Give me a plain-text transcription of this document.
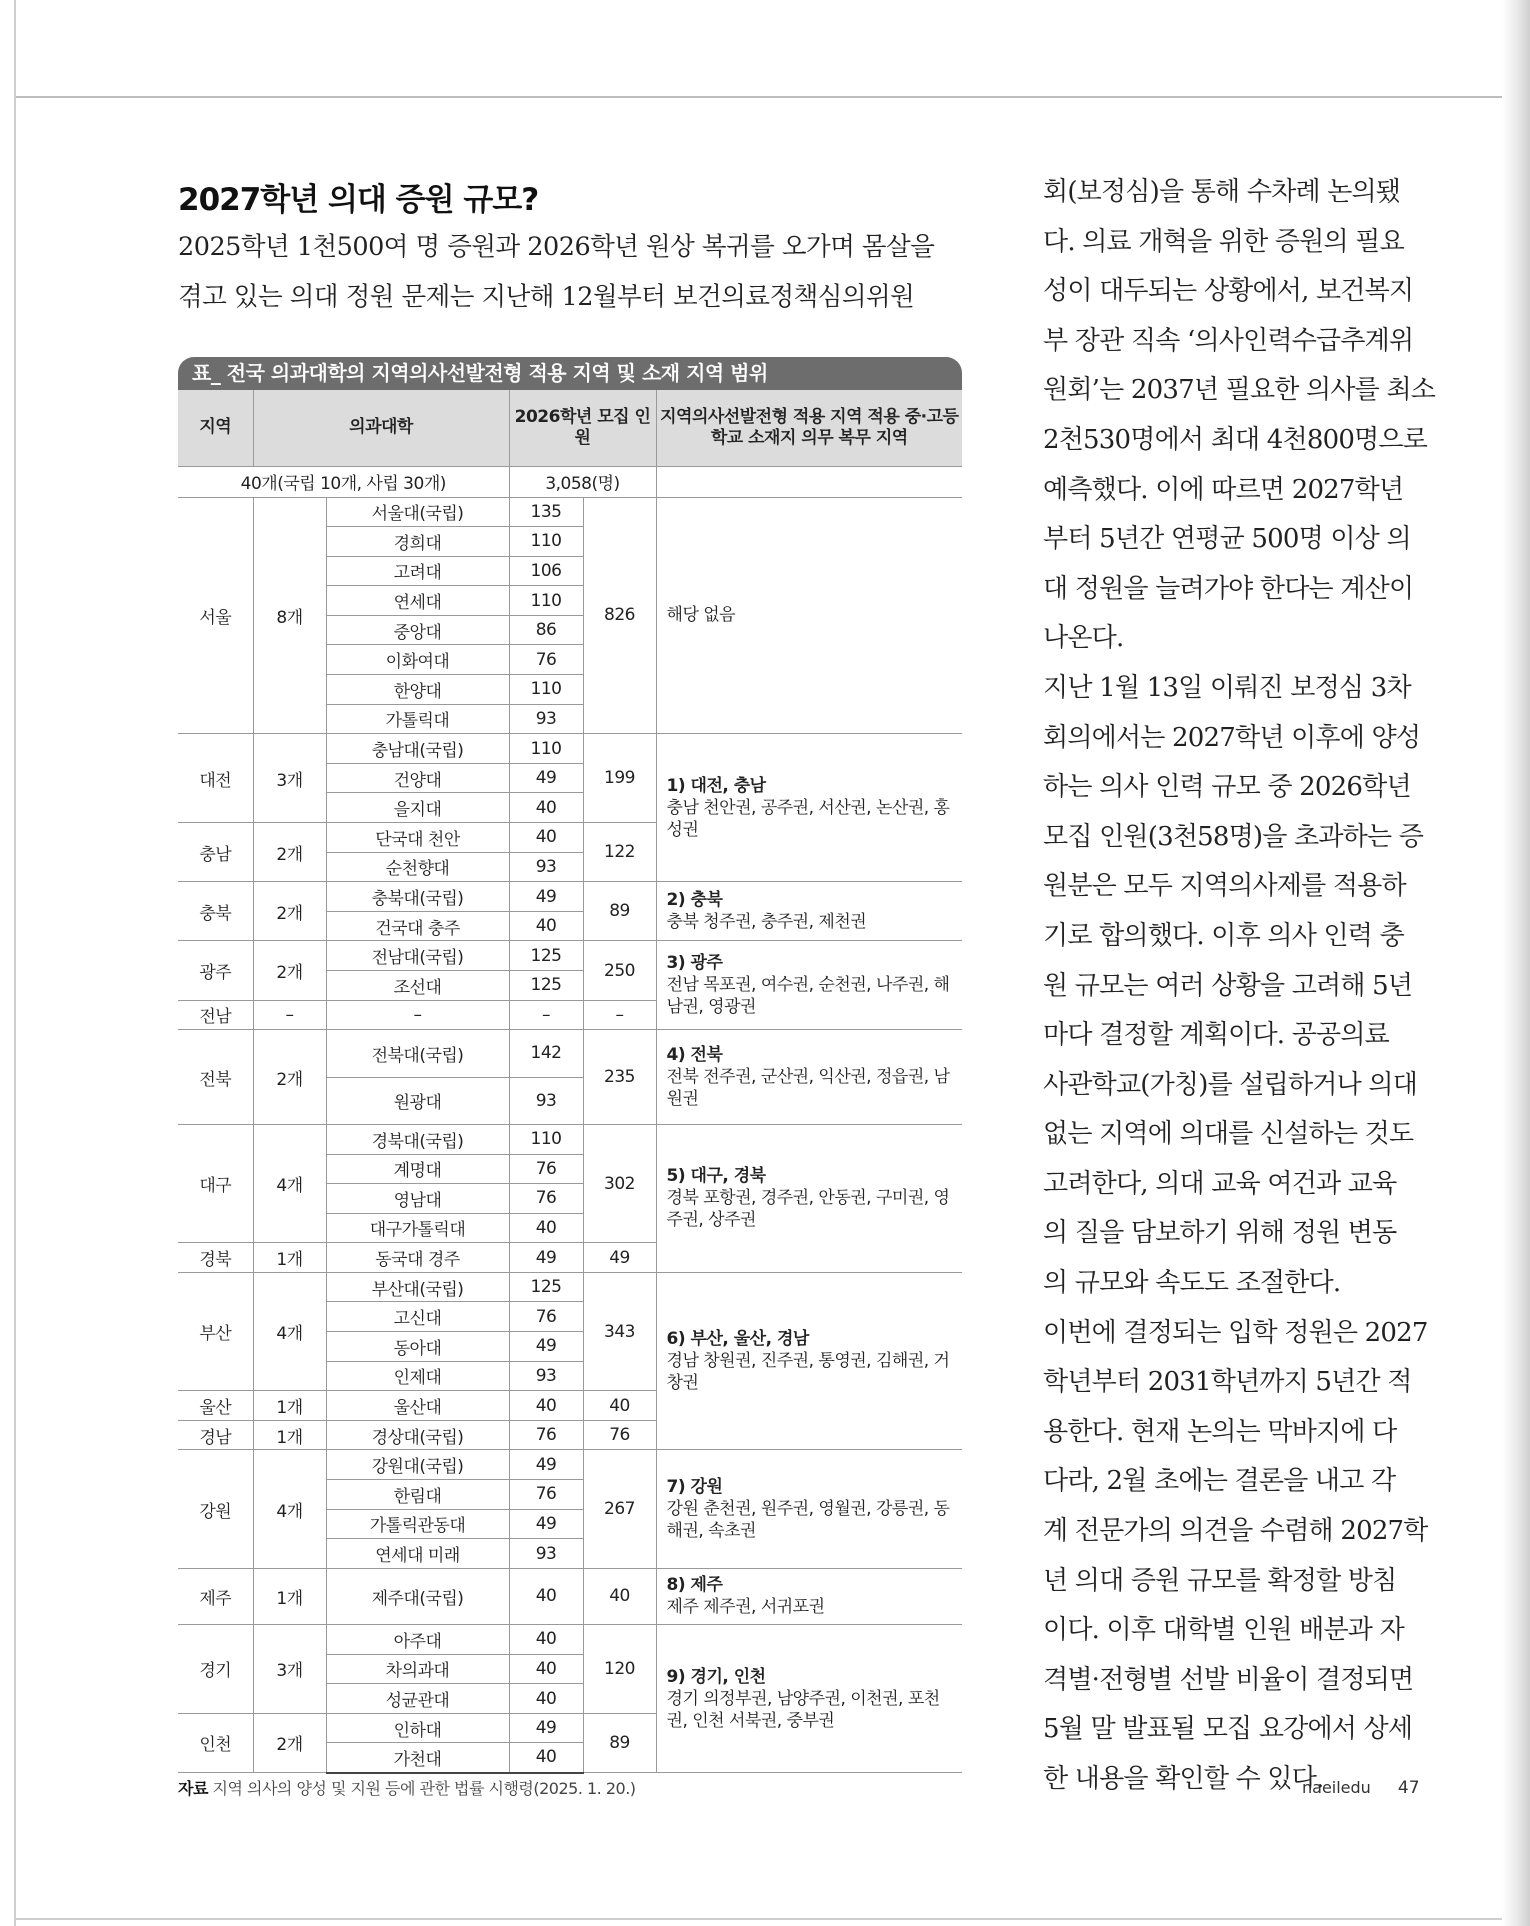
2027학년 의대 증원 규모?
2025학년 1천500여 명 증원과 2026학년 원상 복귀를 오가며 몸살을
겪고 있는 의대 정원 문제는 지난해 12월부터 보건의료정책심의위원
표_ 전국 의과대학의 지역의사선발전형 적용 지역 및 소재 지역 범위
지역	의과대학		2026학년 모집 인원		지역의사선발전형 적용 지역 적용 중·고등학교 소재지 의무 복무 지역
40개(국립 10개, 사립 30개)			3,058(명)		
서울	8개	서울대(국립)	135	826	해당 없음
		경희대	110		
		고려대	106		
		연세대	110		
		중앙대	86		
		이화여대	76		
		한양대	110		
		가톨릭대	93		
대전	3개	충남대(국립)	110	199	1) 대전, 충남
충남 천안권, 공주권, 서산권, 논산권, 홍성권
		건양대	49		
		을지대	40		
충남	2개	단국대 천안	40	122	
		순천향대	93		
충북	2개	충북대(국립)	49	89	2) 충북
충북 청주권, 충주권, 제천권
		건국대 충주	40		
광주	2개	전남대(국립)	125	250	3) 광주
전남 목포권, 여수권, 순천권, 나주권, 해남권, 영광권
		조선대	125		
전남	–	–	–	–	
전북	2개	전북대(국립)	142	235	4) 전북
전북 전주권, 군산권, 익산권, 정읍권, 남원권
		원광대	93		
대구	4개	경북대(국립)	110	302	5) 대구, 경북
경북 포항권, 경주권, 안동권, 구미권, 영주권, 상주권
		계명대	76		
		영남대	76		
		대구가톨릭대	40		
경북	1개	동국대 경주	49	49	
부산	4개	부산대(국립)	125	343	6) 부산, 울산, 경남
경남 창원권, 진주권, 통영권, 김해권, 거창권
		고신대	76		
		동아대	49		
		인제대	93		
울산	1개	울산대	40	40	
경남	1개	경상대(국립)	76	76	
강원	4개	강원대(국립)	49	267	7) 강원
강원 춘천권, 원주권, 영월권, 강릉권, 동해권, 속초권
		한림대	76		
		가톨릭관동대	49		
		연세대 미래	93		
제주	1개	제주대(국립)	40	40	8) 제주
제주 제주권, 서귀포권
경기	3개	아주대	40	120	9) 경기, 인천
경기 의정부권, 남양주권, 이천권, 포천권, 인천 서북권, 중부권
		차의과대	40		
		성균관대	40		
인천	2개	인하대	49	89	
		가천대	40		
자료 지역 의사의 양성 및 지원 등에 관한 법률 시행령(2025. 1. 20.)
회(보정심)을 통해 수차례 논의됐
다. 의료 개혁을 위한 증원의 필요
성이 대두되는 상황에서, 보건복지
부 장관 직속 ‘의사인력수급추계위
원회’는 2037년 필요한 의사를 최소
2천530명에서 최대 4천800명으로
예측했다. 이에 따르면 2027학년
부터 5년간 연평균 500명 이상 의
대 정원을 늘려가야 한다는 계산이
나온다.
지난 1월 13일 이뤄진 보정심 3차
회의에서는 2027학년 이후에 양성
하는 의사 인력 규모 중 2026학년
모집 인원(3천58명)을 초과하는 증
원분은 모두 지역의사제를 적용하
기로 합의했다. 이후 의사 인력 충
원 규모는 여러 상황을 고려해 5년
마다 결정할 계획이다. 공공의료
사관학교(가칭)를 설립하거나 의대
없는 지역에 의대를 신설하는 것도
고려한다, 의대 교육 여건과 교육
의 질을 담보하기 위해 정원 변동
의 규모와 속도도 조절한다.
이번에 결정되는 입학 정원은 2027
학년부터 2031학년까지 5년간 적
용한다. 현재 논의는 막바지에 다
다라, 2월 초에는 결론을 내고 각
계 전문가의 의견을 수렴해 2027학
년 의대 증원 규모를 확정할 방침
이다. 이후 대학별 인원 배분과 자
격별·전형별 선발 비율이 결정되면
5월 말 발표될 모집 요강에서 상세
한 내용을 확인할 수 있다.
naeiledu 47
